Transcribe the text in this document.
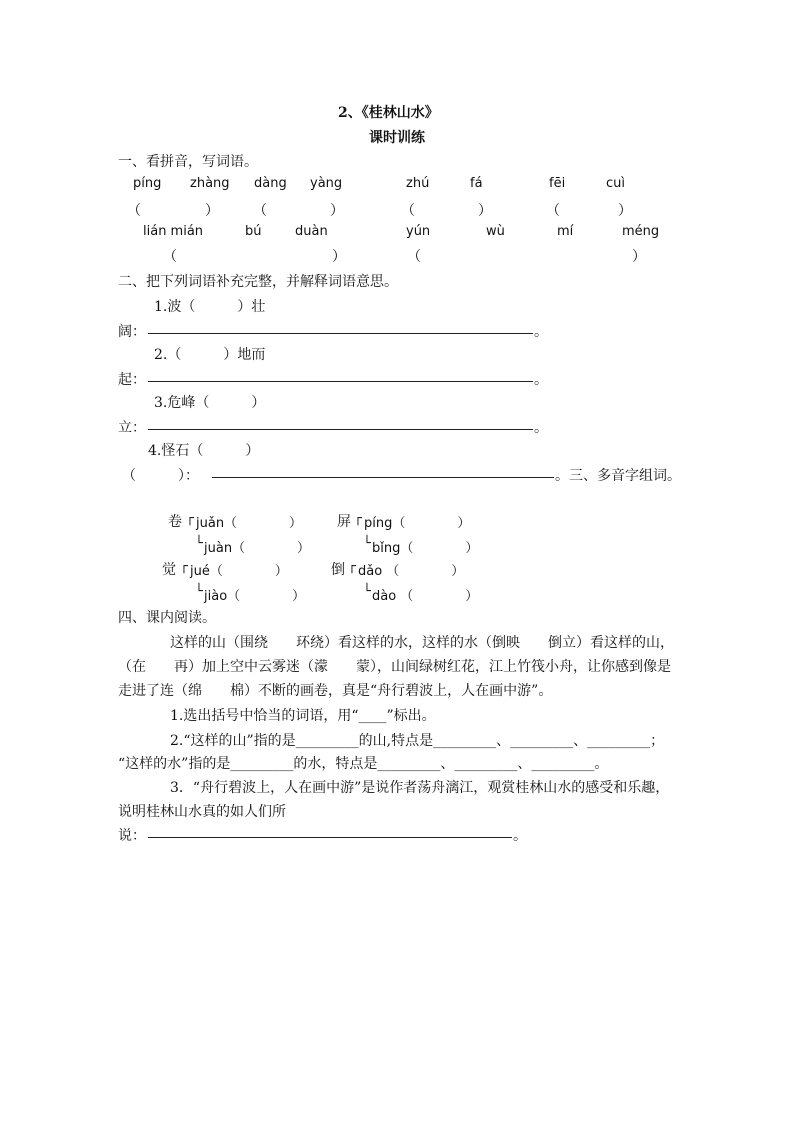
2、《桂林山水》
课时训练
一、看拼音，写词语。
píng zhàng dàng yàng	zhú	fá	fēi	cuì
（	） （	）	（	）	（	）
lián mián	bú	duàn	yún	wù	mí	méng
（	）	（	）
二、把下列词语补充完整，并解释词语意思。
1.波（　　　）壮
阔：	。
2.（　　　）地而
起：	。
3.危峰（　　　）
立：	。
4.怪石（　　　）
（　　　）：	。三、多音字组词。
卷 ┌ juǎn（　　　　）
└ juàn（　　　　）
屏 ┌ píng（　　　　）
└ bǐng（　　　　）
觉 ┌ jué（　　　　）
└ jiào（　　　　）
倒 ┌ dǎo （　　　　）
└ dào （　　　　）
四、课内阅读。
这样的山（围绕　　环绕）看这样的水，这样的水（倒映　　倒立）看这样的山，
（在　　再）加上空中云雾迷（濛　　蒙），山间绿树红花，江上竹筏小舟，让你感到像是
走进了连（绵　　棉）不断的画卷，真是“舟行碧波上，人在画中游”。
1.选出括号中恰当的词语，用“____”标出。
2.“这样的山”指的是_________的山,特点是_________、_________、_________；
“这样的水”指的是_________的水，特点是_________、_________、_________。
3．“舟行碧波上，人在画中游”是说作者荡舟漓江，观赏桂林山水的感受和乐趣，
说明桂林山水真的如人们所
说：	。
